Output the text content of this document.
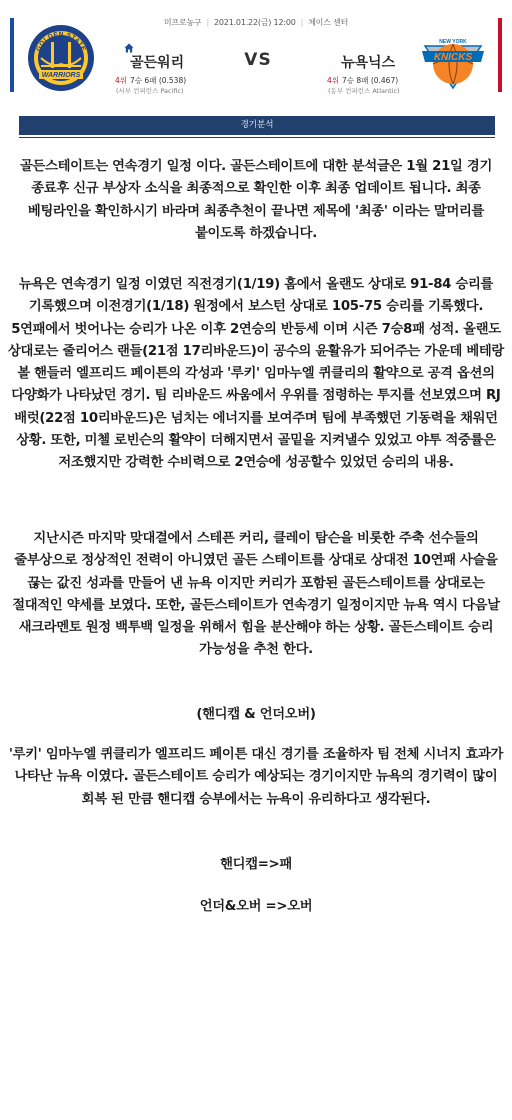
미프로농구 | 2021.01.22(금) 12:00 | 체이스 센터
GOLDEN STATE
WARRIORS
골든워리	VS	뉴욕닉스
4위 7승 6패 (0.538)	4위 7승 8패 (0.467)
(서부 컨퍼런스 Pacific)	(동부 컨퍼런스 Atlantic)
NEW YORK
KNICKS
경기분석

골든스테이트는 연속경기 일정 이다. 골든스테이트에 대한 분석글은 1월 21일 경기 종료후 신규 부상자 소식을 최종적으로 확인한 이후 최종 업데이트 됩니다. 최종 베팅라인을 확인하시기 바라며 최종추천이 끝나면 제목에 '최종' 이라는 말머리를 붙이도록 하겠습니다.

뉴욕은 연속경기 일정 이였던 직전경기(1/19) 홈에서 올랜도 상대로 91-84 승리를 기록했으며 이전경기(1/18) 원정에서 보스턴 상대로 105-75 승리를 기록했다. 5연패에서 벗어나는 승리가 나온 이후 2연승의 반등세 이며 시즌 7승8패 성적. 올랜도 상대로는 줄리어스 랜들(21점 17리바운드)이 공수의 윤활유가 되어주는 가운데 베테랑 볼 핸들러 엘프리드 페이튼의 각성과 '루키' 임마누엘 퀴클리의 활약으로 공격 옵션의 다양화가 나타났던 경기. 팀 리바운드 싸움에서 우위를 점령하는 투지를 선보였으며 RJ 배럿(22점 10리바운드)은 넘치는 에너지를 보여주며 팀에 부족했던 기동력을 채워던 상황. 또한, 미첼 로빈슨의 활약이 더해지면서 골밑을 지켜낼수 있었고 야투 적중률은 저조했지만 강력한 수비력으로 2연승에 성공할수 있었던 승리의 내용.

지난시즌 마지막 맞대결에서 스테픈 커리, 클레이 탐슨을 비롯한 주축 선수들의 줄부상으로 정상적인 전력이 아니였던 골든 스테이트를 상대로 상대전 10연패 사슬을 끊는 값진 성과를 만들어 낸 뉴욕 이지만 커리가 포함된 골든스테이트를 상대로는 절대적인 약세를 보였다. 또한, 골든스테이트가 연속경기 일정이지만 뉴욕 역시 다음날 새크라멘토 원정 백투백 일정을 위해서 힘을 분산해야 하는 상황. 골든스테이트 승리 가능성을 추천 한다.

(핸디캡 & 언더오버)

'루키' 임마누엘 퀴클리가 엘프리드 페이튼 대신 경기를 조율하자 팀 전체 시너지 효과가 나타난 뉴욕 이였다. 골든스테이트 승리가 예상되는 경기이지만 뉴욕의 경기력이 많이 회복 된 만큼 핸디캡 승부에서는 뉴욕이 유리하다고 생각된다.

핸디캡=>패

언더&오버 =>오버
